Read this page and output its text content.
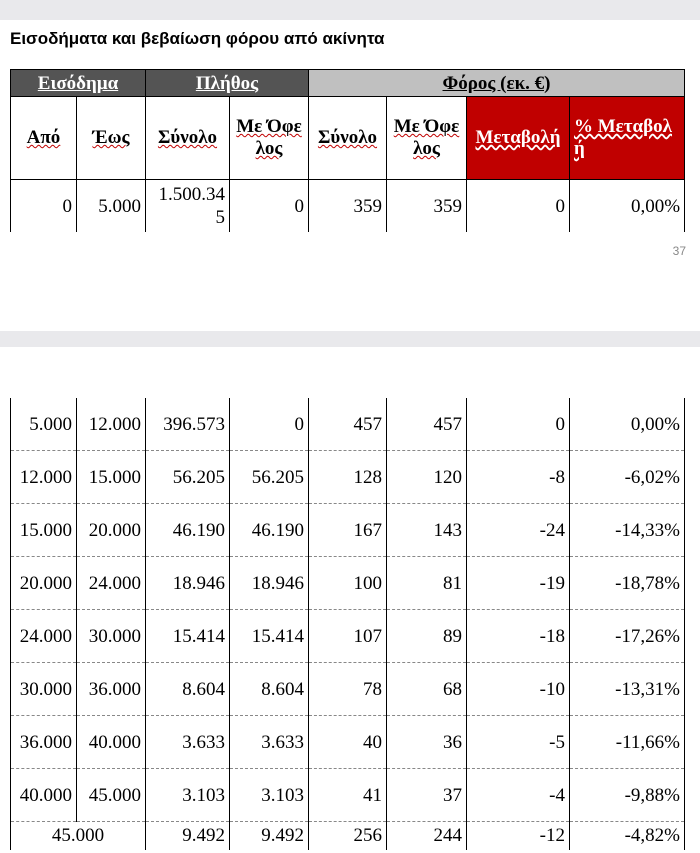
Εισοδήματα και βεβαίωση φόρου από ακίνητα
Εισόδημα		Πλήθος		Φόρος (εκ. €)			
Από	Έως	Σύνολο	Με Όφελος	Σύνολο	Με Όφελος	Μεταβολή	% Μεταβολή
0	5.000	1.500.345	0	359	359	0	0,00%
37
5.000	12.000	396.573	0	457	457	0	0,00%
12.000	15.000	56.205	56.205	128	120	-8	-6,02%
15.000	20.000	46.190	46.190	167	143	-24	-14,33%
20.000	24.000	18.946	18.946	100	81	-19	-18,78%
24.000	30.000	15.414	15.414	107	89	-18	-17,26%
30.000	36.000	8.604	8.604	78	68	-10	-13,31%
36.000	40.000	3.633	3.633	40	36	-5	-11,66%
40.000	45.000	3.103	3.103	41	37	-4	-9,88%
45.000		9.492	9.492	256	244	-12	-4,82%
